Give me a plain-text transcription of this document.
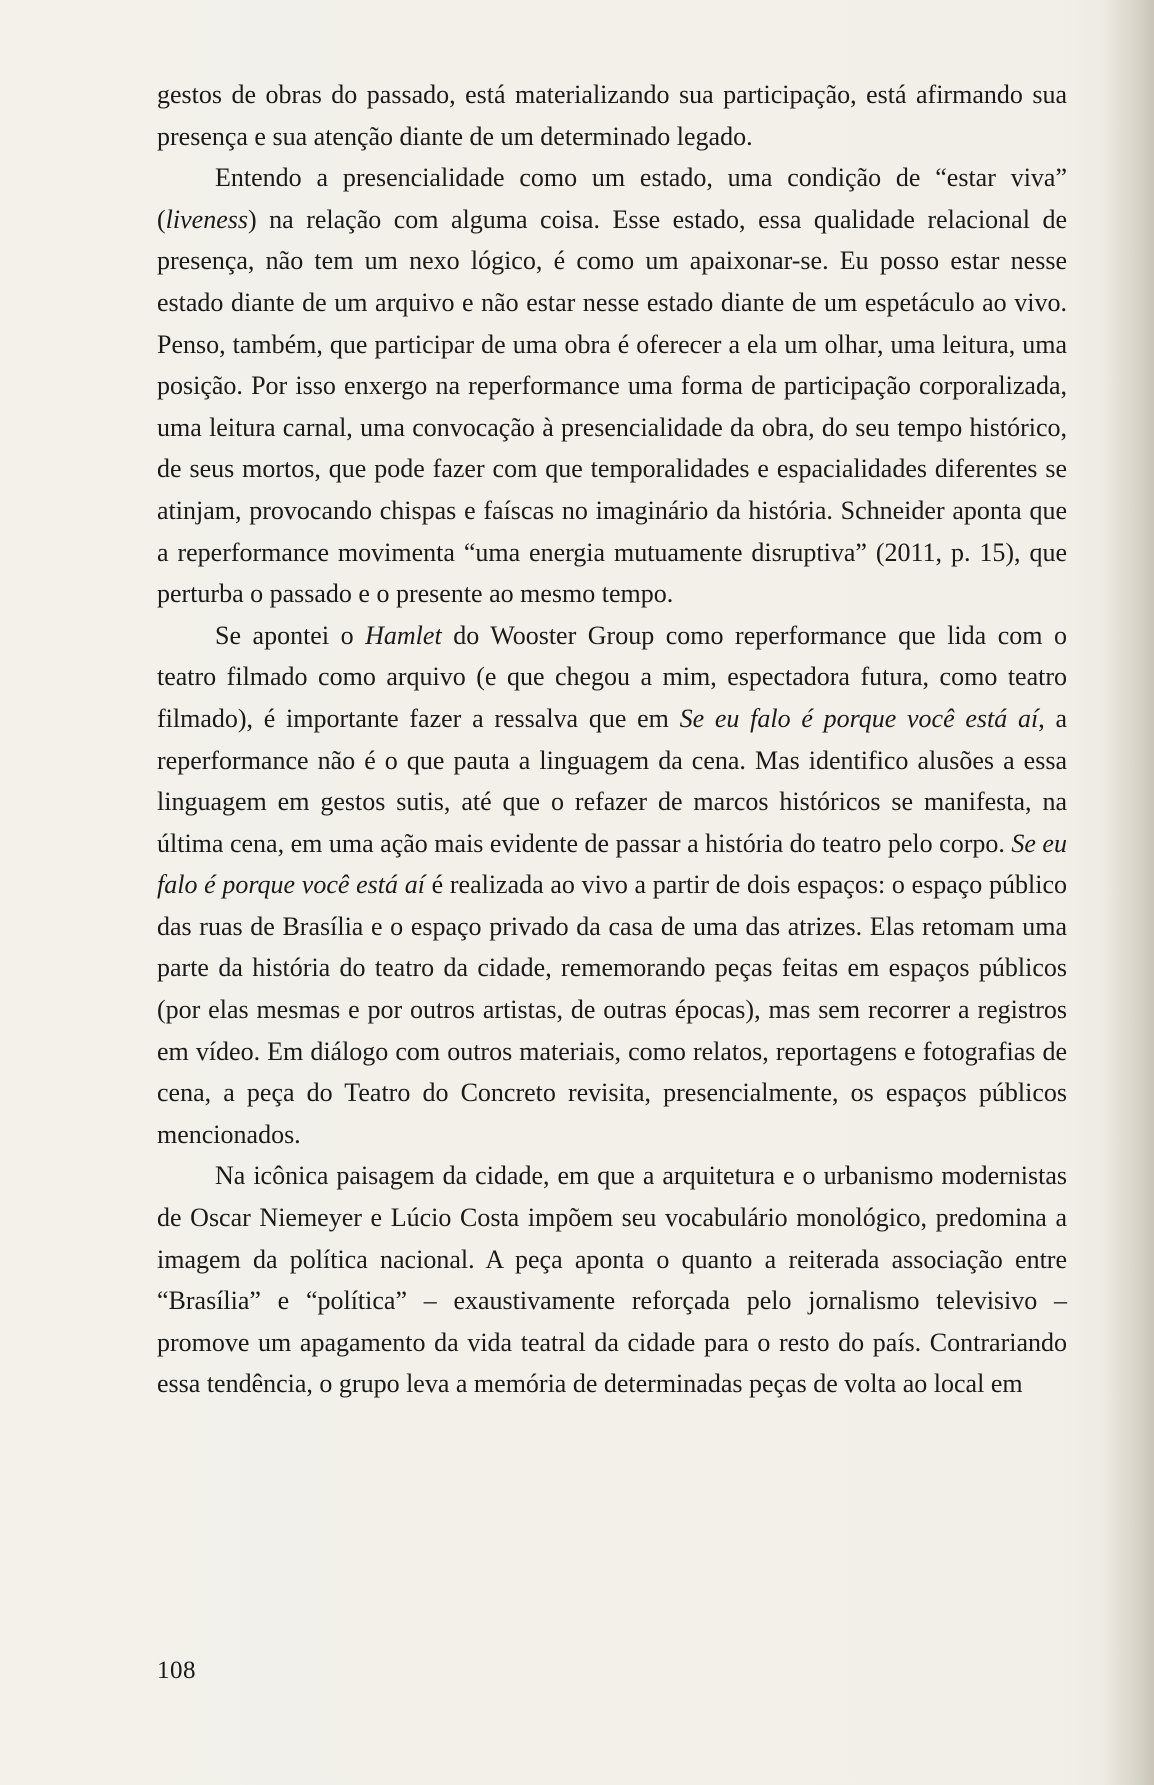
gestos de obras do passado, está materializando sua participação, está afirmando sua presença e sua atenção diante de um determinado legado.

Entendo a presencialidade como um estado, uma condição de “estar viva” (liveness) na relação com alguma coisa. Esse estado, essa qualidade relacional de presença, não tem um nexo lógico, é como um apaixonar-se. Eu posso estar nesse estado diante de um arquivo e não estar nesse estado diante de um espetáculo ao vivo. Penso, também, que participar de uma obra é oferecer a ela um olhar, uma leitura, uma posição. Por isso enxergo na reperformance uma forma de participação corporalizada, uma leitura carnal, uma convocação à presencialidade da obra, do seu tempo histórico, de seus mortos, que pode fazer com que temporalidades e espacialidades diferentes se atinjam, provocando chispas e faíscas no imaginário da história. Schneider aponta que a reperformance movimenta “uma energia mutuamente disruptiva” (2011, p. 15), que perturba o passado e o presente ao mesmo tempo.

Se apontei o Hamlet do Wooster Group como reperformance que lida com o teatro filmado como arquivo (e que chegou a mim, espectadora futura, como teatro filmado), é importante fazer a ressalva que em Se eu falo é porque você está aí, a reperformance não é o que pauta a linguagem da cena. Mas identifico alusões a essa linguagem em gestos sutis, até que o refazer de marcos históricos se manifesta, na última cena, em uma ação mais evidente de passar a história do teatro pelo corpo. Se eu falo é porque você está aí é realizada ao vivo a partir de dois espaços: o espaço público das ruas de Brasília e o espaço privado da casa de uma das atrizes. Elas retomam uma parte da história do teatro da cidade, rememorando peças feitas em espaços públicos (por elas mesmas e por outros artistas, de outras épocas), mas sem recorrer a registros em vídeo. Em diálogo com outros materiais, como relatos, reportagens e fotografias de cena, a peça do Teatro do Concreto revisita, presencialmente, os espaços públicos mencionados.

Na icônica paisagem da cidade, em que a arquitetura e o urbanismo modernistas de Oscar Niemeyer e Lúcio Costa impõem seu vocabulário monológico, predomina a imagem da política nacional. A peça aponta o quanto a reiterada associação entre “Brasília” e “política” – exaustivamente reforçada pelo jornalismo televisivo – promove um apagamento da vida teatral da cidade para o resto do país. Contrariando essa tendência, o grupo leva a memória de determinadas peças de volta ao local em

108
